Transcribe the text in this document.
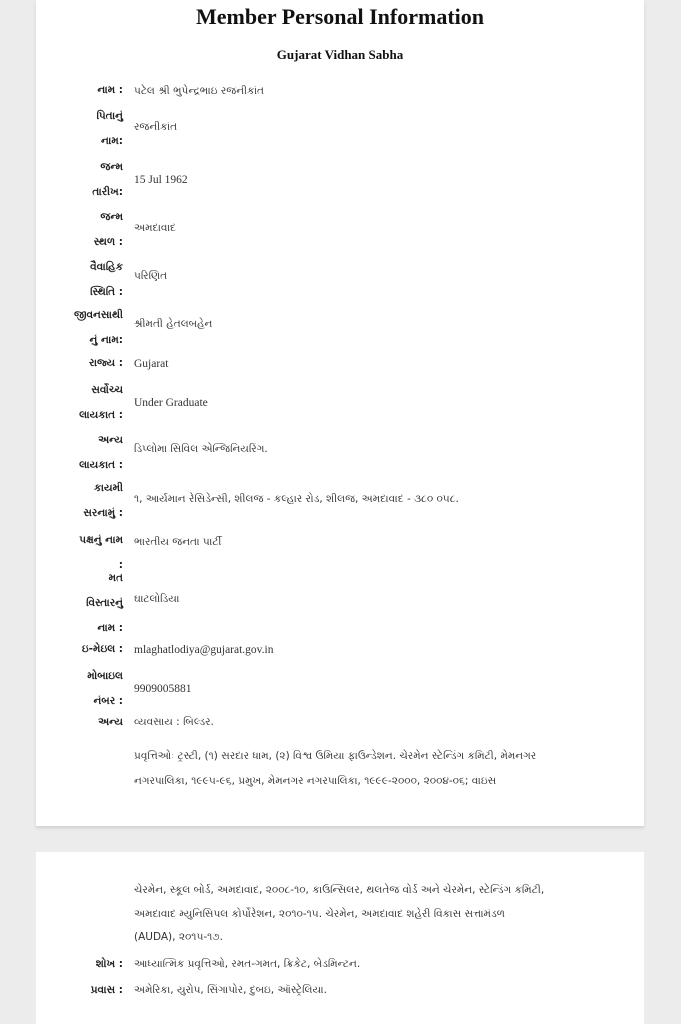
Member Personal Information
Gujarat Vidhan Sabha
નામ : પટેલ શ્રી ભુપેન્દ્રભાઇ રજનીકાંત
પિતાનું
નામ:
રજનીકાંત
જન્મ
તારીખ:
15 Jul 1962
જન્મ
સ્થળ :
અમદાવાદ
વૈવાહિક
સ્થિતિ :
પરિણિત
જીવનસાથી
નું નામ:
શ્રીમતી હેતલબહેન
રાજ્ય : Gujarat
સર્વોચ્ચ
લાયકાત :
Under Graduate
અન્ય
લાયકાત :
ડિપ્લોમા સિવિલ એન્જિનિયરિંગ.
કાયમી
સરનામું :
૧, આર્યમાન રેસિડેન્સી, શીલજ - કલ્હાર રોડ, શીલજ, અમદાવાદ - ૩૮૦ ૦૫૮.
પક્ષનું નામ
:
ભારતીય જનતા પાર્ટી
મત
વિસ્તારનું
નામ :
ઘાટલોડિયા
ઇ-મેઇલ : mlaghatlodiya@gujarat.gov.in
મોબાઇલ
નંબર :
9909005881
અન્ય વ્યવસાય : બિલ્ડર.
પ્રવૃત્તિઓઃ ટ્રસ્ટી, (૧) સરદાર ધામ, (૨) વિશ્વ ઉમિયા ફાઉન્ડેશન. ચેરમેન સ્ટેન્ડિંગ કમિટી, મેમનગર
નગરપાલિકા, ૧૯૯૫-૯૬, પ્રમુખ, મેમનગર નગરપાલિકા, ૧૯૯૯-૨૦૦૦, ૨૦૦૪-૦૬; વાઇસ
ચેરમેન, સ્કૂલ બોર્ડ, અમદાવાદ, ૨૦૦૮-૧૦, કાઉન્સિલર, થલતેજ વોર્ડ અને ચેરમેન, સ્ટેન્ડિંગ કમિટી,
અમદાવાદ મ્યુનિસિપલ કોર્પોરેશન, ૨૦૧૦-૧૫. ચેરમેન, અમદાવાદ શહેરી વિકાસ સત્તામંડળ
(AUDA), ૨૦૧૫-૧૭.
શોખ : આધ્યાત્મિક પ્રવૃત્તિઓ, રમત-ગમત, ક્રિકેટ, બેડમિન્ટન.
પ્રવાસ : અમેરિકા, યુરોપ, સિંગાપોર, દુબઇ, ઑસ્ટ્રેલિયા.
